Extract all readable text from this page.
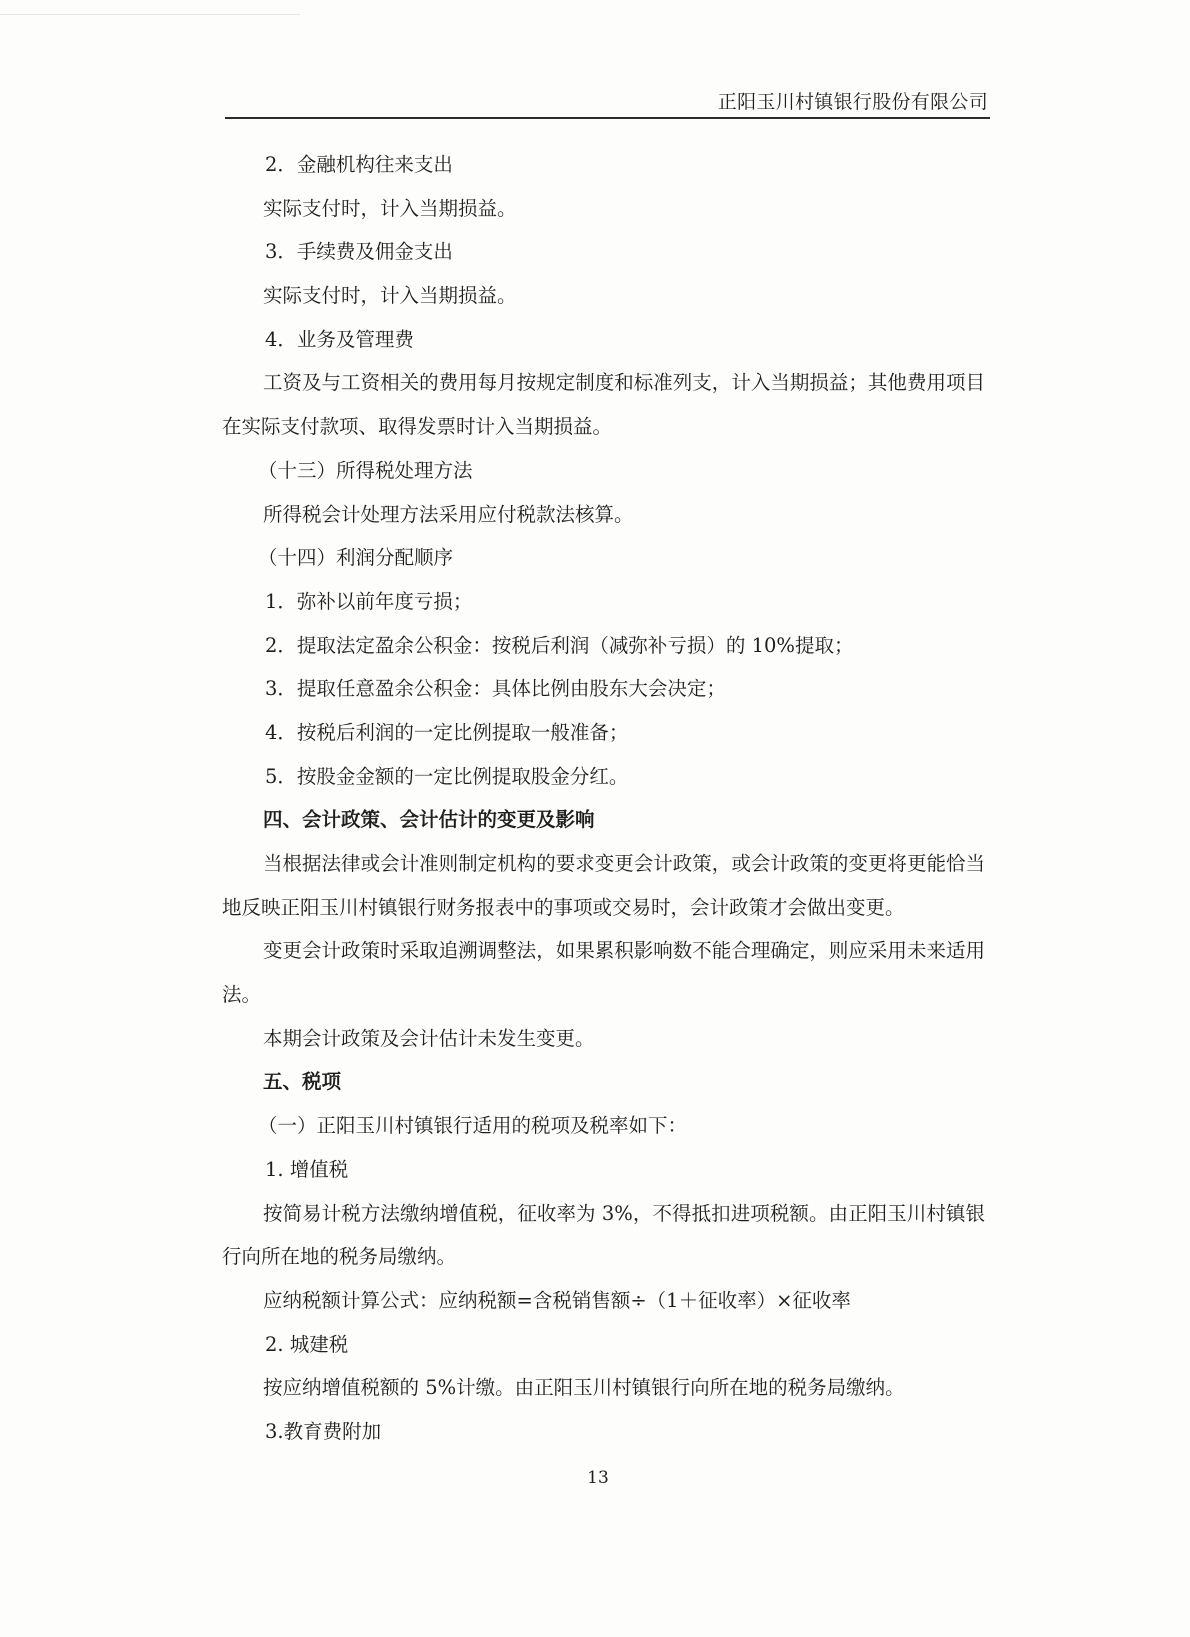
正阳玉川村镇银行股份有限公司

2．金融机构往来支出

实际支付时，计入当期损益。

3．手续费及佣金支出

实际支付时，计入当期损益。

4．业务及管理费

工资及与工资相关的费用每月按规定制度和标准列支，计入当期损益；其他费用项目
在实际支付款项、取得发票时计入当期损益。

（十三）所得税处理方法

所得税会计处理方法采用应付税款法核算。

（十四）利润分配顺序

1．弥补以前年度亏损；

2．提取法定盈余公积金：按税后利润（减弥补亏损）的 10%提取；

3．提取任意盈余公积金：具体比例由股东大会决定；

4．按税后利润的一定比例提取一般准备；

5．按股金金额的一定比例提取股金分红。

四、会计政策、会计估计的变更及影响

当根据法律或会计准则制定机构的要求变更会计政策，或会计政策的变更将更能恰当
地反映正阳玉川村镇银行财务报表中的事项或交易时，会计政策才会做出变更。

变更会计政策时采取追溯调整法，如果累积影响数不能合理确定，则应采用未来适用
法。

本期会计政策及会计估计未发生变更。

五、税项

（一）正阳玉川村镇银行适用的税项及税率如下：

1. 增值税

按简易计税方法缴纳增值税，征收率为 3%，不得抵扣进项税额。由正阳玉川村镇银
行向所在地的税务局缴纳。

应纳税额计算公式：应纳税额=含税销售额÷（1＋征收率）×征收率

2. 城建税

按应纳增值税额的 5%计缴。由正阳玉川村镇银行向所在地的税务局缴纳。

3.教育费附加

13
